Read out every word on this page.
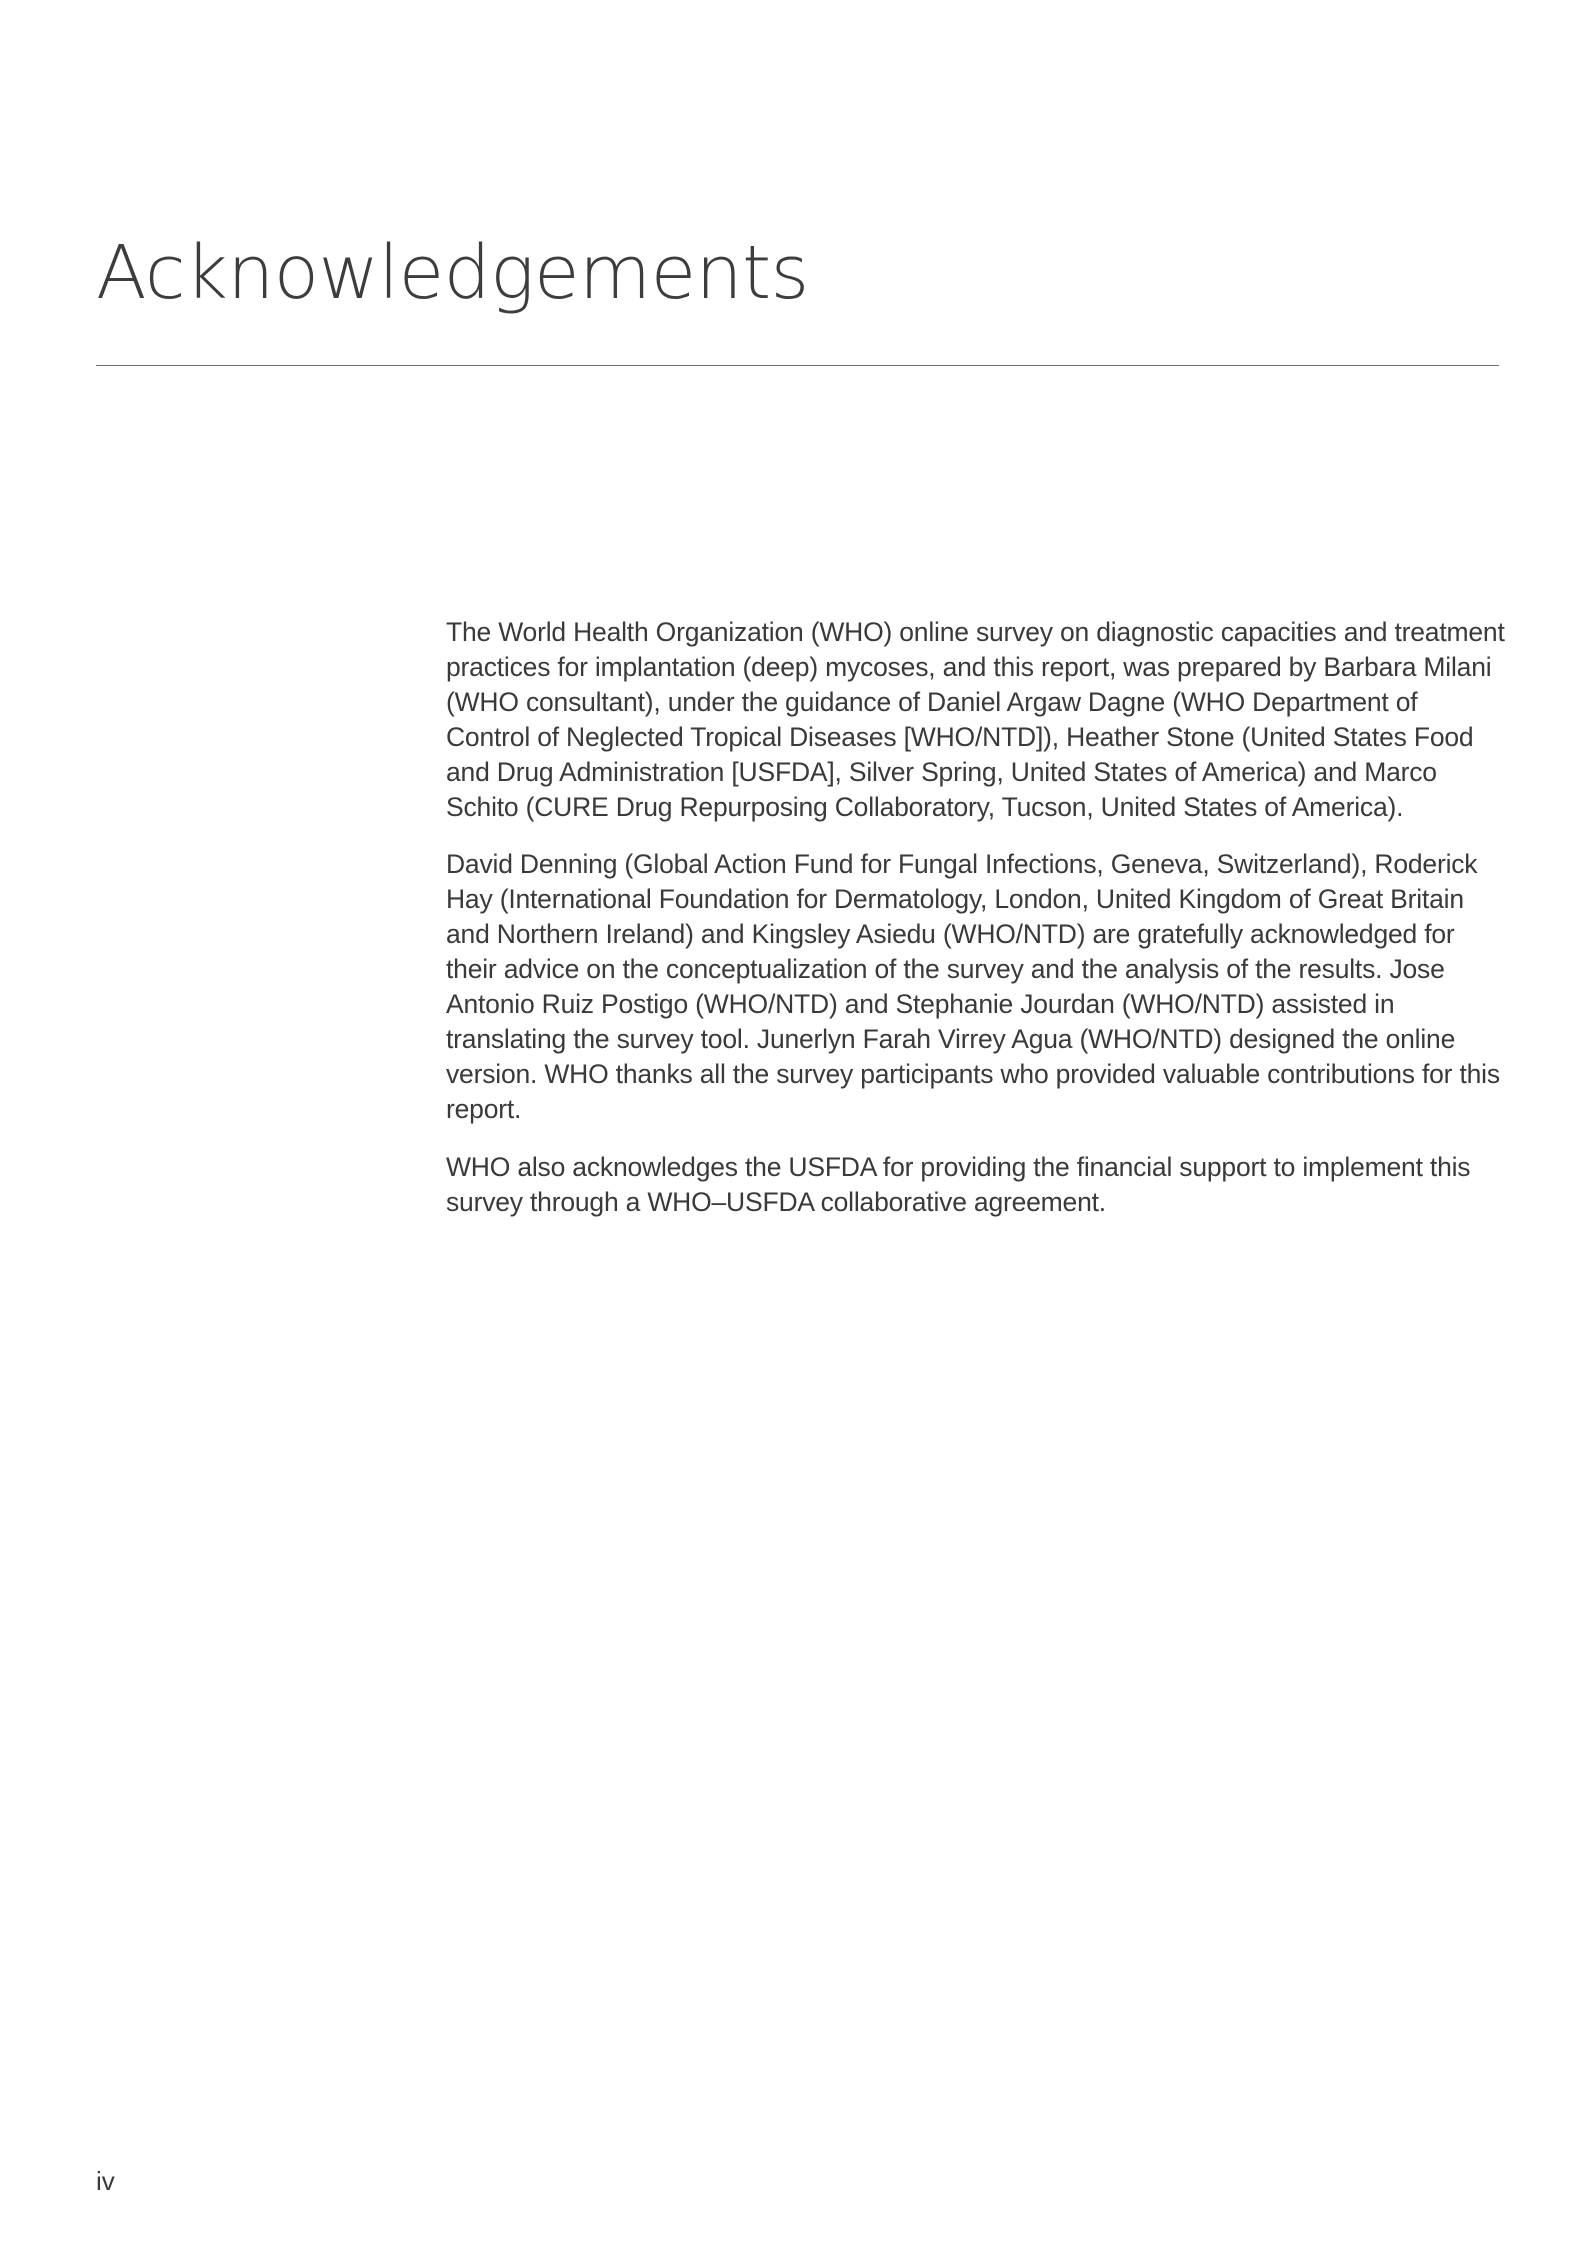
Acknowledgements

The World Health Organization (WHO) online survey on diagnostic capacities and treatment practices for implantation (deep) mycoses, and this report, was prepared by Barbara Milani (WHO consultant), under the guidance of Daniel Argaw Dagne (WHO Department of Control of Neglected Tropical Diseases [WHO/NTD]), Heather Stone (United States Food and Drug Administration [USFDA], Silver Spring, United States of America) and Marco Schito (CURE Drug Repurposing Collaboratory, Tucson, United States of America).

David Denning (Global Action Fund for Fungal Infections, Geneva, Switzerland), Roderick Hay (International Foundation for Dermatology, London, United Kingdom of Great Britain and Northern Ireland) and Kingsley Asiedu (WHO/NTD) are gratefully acknowledged for their advice on the conceptualization of the survey and the analysis of the results. Jose Antonio Ruiz Postigo (WHO/NTD) and Stephanie Jourdan (WHO/NTD) assisted in translating the survey tool. Junerlyn Farah Virrey Agua (WHO/NTD) designed the online version. WHO thanks all the survey participants who provided valuable contributions for this report.

WHO also acknowledges the USFDA for providing the financial support to implement this survey through a WHO–USFDA collaborative agreement.

iv
